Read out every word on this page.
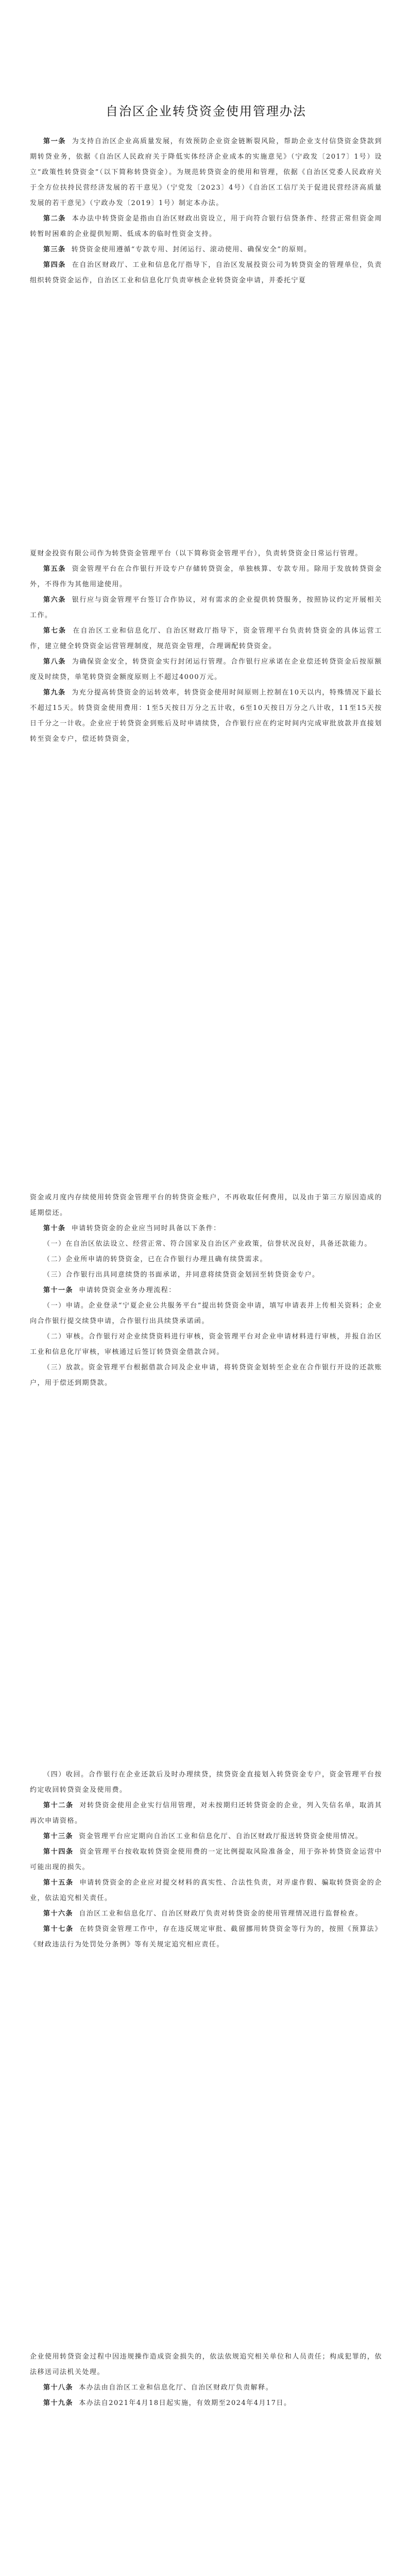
自治区企业转贷资金使用管理办法

第一条 为支持自治区企业高质量发展，有效预防企业资金链断裂风险，帮助企业支付信贷资金贷款到期转贷业务，依据《自治区人民政府关于降低实体经济企业成本的实施意见》（宁政发〔2017〕1号）设立“政策性转贷资金”（以下简称转贷资金）。为规范转贷资金的使用和管理，依据《自治区党委人民政府关于全方位扶持民营经济发展的若干意见》（宁党发〔2023〕4号）《自治区工信厅关于促进民营经济高质量发展的若干意见》（宁政办发〔2019〕1号）制定本办法。

第二条 本办法中转贷资金是指由自治区财政出资设立，用于向符合银行信贷条件、经营正常但资金周转暂时困难的企业提供短期、低成本的临时性资金支持。

第三条 转贷资金使用遵循“专款专用、封闭运行、滚动使用、确保安全”的原则。

第四条 在自治区财政厅、工业和信息化厅指导下，自治区发展投资公司为转贷资金的管理单位，负责组织转贷资金运作，自治区工业和信息化厅负责审核企业转贷资金申请，并委托宁夏

夏财金投资有限公司作为转贷资金管理平台（以下简称资金管理平台），负责转贷资金日常运行管理。

第五条 资金管理平台在合作银行开设专户存储转贷资金，单独核算、专款专用。除用于发放转贷资金外，不得作为其他用途使用。

第六条 银行应与资金管理平台签订合作协议，对有需求的企业提供转贷服务，按照协议约定开展相关工作。

第七条 在自治区工业和信息化厅、自治区财政厅指导下，资金管理平台负责转贷资金的具体运营工作，建立健全转贷资金运营管理制度，规范资金管理，合理调配转贷资金。

第八条 为确保资金安全，转贷资金实行封闭运行管理。合作银行应承诺在企业偿还转贷资金后按原额度及时续贷，单笔转贷资金额度原则上不超过4000万元。

第九条 为充分提高转贷资金的运转效率，转贷资金使用时间原则上控制在10天以内，特殊情况下最长不超过15天。转贷资金使用费用：1至5天按日万分之五计收，6至10天按日万分之八计收，11至15天按日千分之一计收。企业应于转贷资金到账后及时申请续贷，合作银行应在约定时间内完成审批放款并直接划转至资金专户，偿还转贷资金，

资金或月度内存续使用转贷资金管理平台的转贷资金账户，不再收取任何费用，以及由于第三方原因造成的延期偿还。

第十条 申请转贷资金的企业应当同时具备以下条件：

（一）在自治区依法设立、经营正常、符合国家及自治区产业政策，信誉状况良好，具备还款能力。

（二）企业所申请的转贷资金，已在合作银行办理且确有续贷需求。

（三）合作银行出具同意续贷的书面承诺，并同意将续贷资金划回至转贷资金专户。

第十一条 申请转贷资金业务办理流程：

（一）申请。企业登录“宁夏企业公共服务平台”提出转贷资金申请，填写申请表并上传相关资料；企业向合作银行提交续贷申请，合作银行出具续贷承诺函。

（二）审核。合作银行对企业续贷资料进行审核，资金管理平台对企业申请材料进行审核，并报自治区工业和信息化厅审核，审核通过后签订转贷资金借款合同。

（三）放款。资金管理平台根据借款合同及企业申请，将转贷资金划转至企业在合作银行开设的还款账户，用于偿还到期贷款。

（四）收回。合作银行在企业还款后及时办理续贷，续贷资金直接划入转贷资金专户，资金管理平台按约定收回转贷资金及使用费。

第十二条 对转贷资金使用企业实行信用管理，对未按期归还转贷资金的企业，列入失信名单，取消其再次申请资格。

第十三条 资金管理平台应定期向自治区工业和信息化厅、自治区财政厅报送转贷资金使用情况。

第十四条 资金管理平台按收取转贷资金使用费的一定比例提取风险准备金，用于弥补转贷资金运营中可能出现的损失。

第十五条 申请转贷资金的企业应对提交材料的真实性、合法性负责，对弄虚作假、骗取转贷资金的企业，依法追究相关责任。

第十六条 自治区工业和信息化厅、自治区财政厅负责对转贷资金的使用管理情况进行监督检查。

第十七条 在转贷资金管理工作中，存在违反规定审批、截留挪用转贷资金等行为的，按照《预算法》《财政违法行为处罚处分条例》等有关规定追究相应责任。

企业使用转贷资金过程中因违规操作造成资金损失的，依法依规追究相关单位和人员责任；构成犯罪的，依法移送司法机关处理。

第十八条 本办法由自治区工业和信息化厅、自治区财政厅负责解释。

第十九条 本办法自2021年4月18日起实施，有效期至2024年4月17日。
